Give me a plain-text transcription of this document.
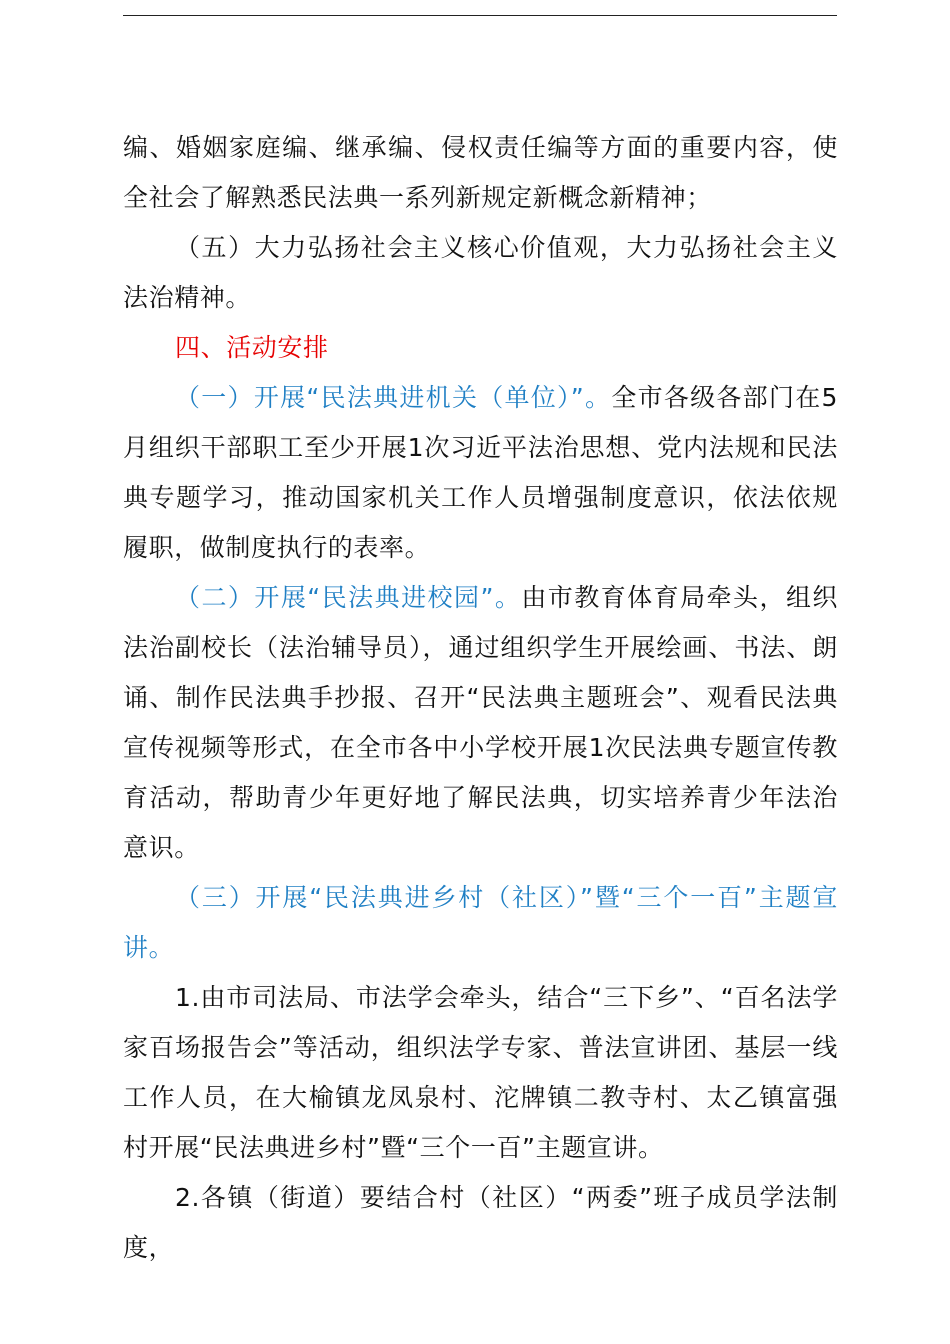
编、婚姻家庭编、继承编、侵权责任编等方面的重要内容，使全社会了解熟悉民法典一系列新规定新概念新精神；

（五）大力弘扬社会主义核心价值观，大力弘扬社会主义法治精神。

四、活动安排

（一）开展“民法典进机关（单位）”。全市各级各部门在5月组织干部职工至少开展1次习近平法治思想、党内法规和民法典专题学习，推动国家机关工作人员增强制度意识，依法依规履职，做制度执行的表率。

（二）开展“民法典进校园”。由市教育体育局牵头，组织法治副校长（法治辅导员），通过组织学生开展绘画、书法、朗诵、制作民法典手抄报、召开“民法典主题班会”、观看民法典宣传视频等形式，在全市各中小学校开展1次民法典专题宣传教育活动，帮助青少年更好地了解民法典，切实培养青少年法治意识。

（三）开展“民法典进乡村（社区）”暨“三个一百”主题宣讲。

1.由市司法局、市法学会牵头，结合“三下乡”、“百名法学家百场报告会”等活动，组织法学专家、普法宣讲团、基层一线工作人员，在大榆镇龙凤泉村、沱牌镇二教寺村、太乙镇富强村开展“民法典进乡村”暨“三个一百”主题宣讲。

2.各镇（街道）要结合村（社区）“两委”班子成员学法制度，
